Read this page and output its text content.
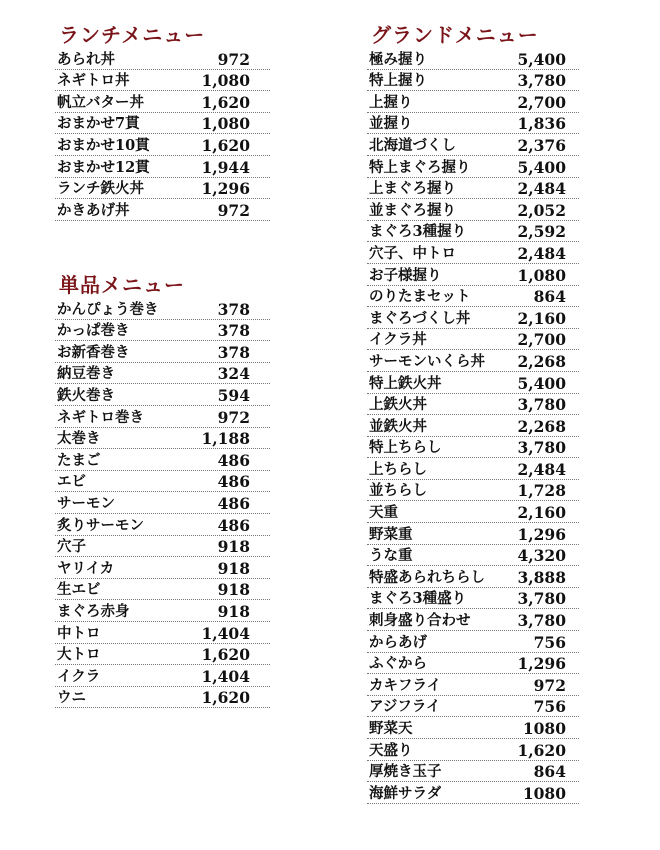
ランチメニュー
あられ丼	972
ネギトロ丼	1,080
帆立バター丼	1,620
おまかせ7貫	1,080
おまかせ10貫	1,620
おまかせ12貫	1,944
ランチ鉄火丼	1,296
かきあげ丼	972
単品メニュー
かんぴょう巻き	378
かっぱ巻き	378
お新香巻き	378
納豆巻き	324
鉄火巻き	594
ネギトロ巻き	972
太巻き	1,188
たまご	486
エビ	486
サーモン	486
炙りサーモン	486
穴子	918
ヤリイカ	918
生エビ	918
まぐろ赤身	918
中トロ	1,404
大トロ	1,620
イクラ	1,404
ウニ	1,620
グランドメニュー
極み握り	5,400
特上握り	3,780
上握り	2,700
並握り	1,836
北海道づくし	2,376
特上まぐろ握り	5,400
上まぐろ握り	2,484
並まぐろ握り	2,052
まぐろ3種握り	2,592
穴子、中トロ	2,484
お子様握り	1,080
のりたまセット	864
まぐろづくし丼	2,160
イクラ丼	2,700
サーモンいくら丼 2,268
特上鉄火丼	5,400
上鉄火丼	3,780
並鉄火丼	2,268
特上ちらし	3,780
上ちらし	2,484
並ちらし	1,728
天重	2,160
野菜重	1,296
うな重	4,320
特盛あられちらし 3,888
まぐろ3種盛り	3,780
刺身盛り合わせ	3,780
からあげ	756
ふぐから	1,296
カキフライ	972
アジフライ	756
野菜天	1080
天盛り	1,620
厚焼き玉子	864
海鮮サラダ	1080
